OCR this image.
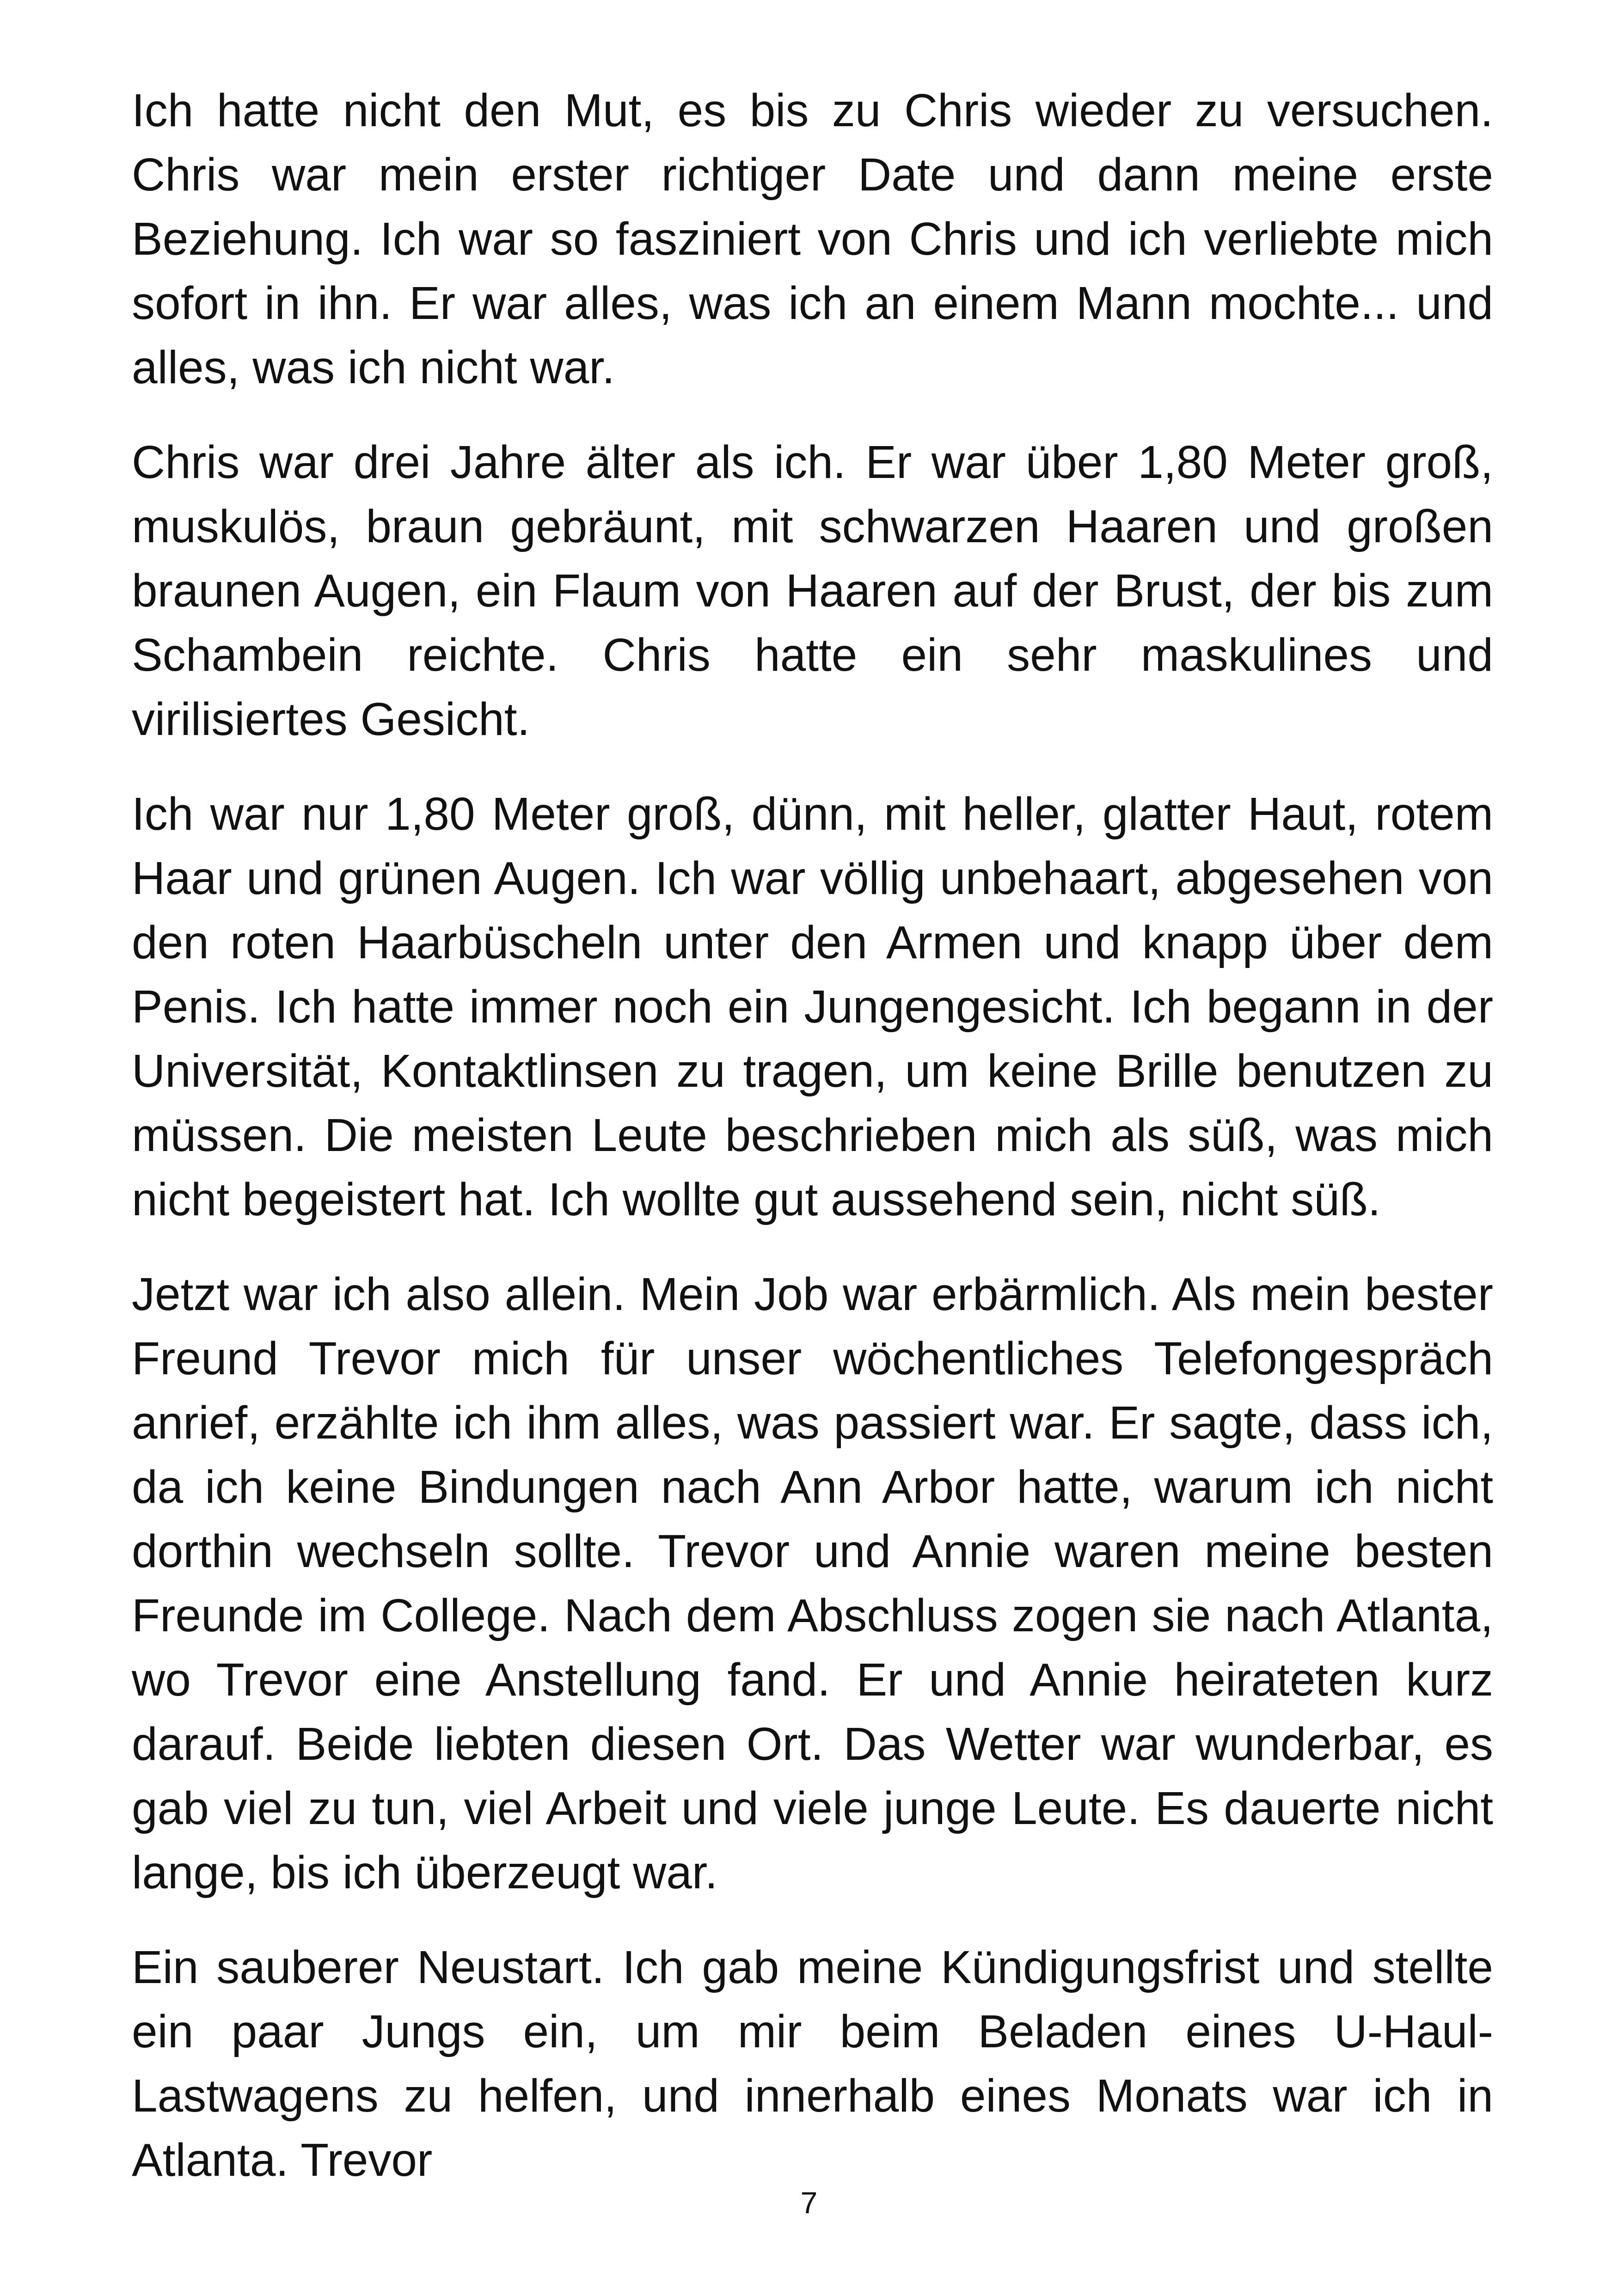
Ich hatte nicht den Mut, es bis zu Chris wieder zu versuchen. Chris war mein erster richtiger Date und dann meine erste Beziehung. Ich war so fasziniert von Chris und ich verliebte mich sofort in ihn. Er war alles, was ich an einem Mann mochte... und alles, was ich nicht war.

Chris war drei Jahre älter als ich. Er war über 1,80 Meter groß, muskulös, braun gebräunt, mit schwarzen Haaren und großen braunen Augen, ein Flaum von Haaren auf der Brust, der bis zum Schambein reichte. Chris hatte ein sehr maskulines und virilisiertes Gesicht.

Ich war nur 1,80 Meter groß, dünn, mit heller, glatter Haut, rotem Haar und grünen Augen. Ich war völlig unbehaart, abgesehen von den roten Haarbüscheln unter den Armen und knapp über dem Penis. Ich hatte immer noch ein Jungengesicht. Ich begann in der Universität, Kontaktlinsen zu tragen, um keine Brille benutzen zu müssen. Die meisten Leute beschrieben mich als süß, was mich nicht begeistert hat. Ich wollte gut aussehend sein, nicht süß.

Jetzt war ich also allein. Mein Job war erbärmlich. Als mein bester Freund Trevor mich für unser wöchentliches Telefongespräch anrief, erzählte ich ihm alles, was passiert war. Er sagte, dass ich, da ich keine Bindungen nach Ann Arbor hatte, warum ich nicht dorthin wechseln sollte. Trevor und Annie waren meine besten Freunde im College. Nach dem Abschluss zogen sie nach Atlanta, wo Trevor eine Anstellung fand. Er und Annie heirateten kurz darauf. Beide liebten diesen Ort. Das Wetter war wunderbar, es gab viel zu tun, viel Arbeit und viele junge Leute. Es dauerte nicht lange, bis ich überzeugt war.

Ein sauberer Neustart. Ich gab meine Kündigungsfrist und stellte ein paar Jungs ein, um mir beim Beladen eines U-Haul-Lastwagens zu helfen, und innerhalb eines Monats war ich in Atlanta. Trevor

7
